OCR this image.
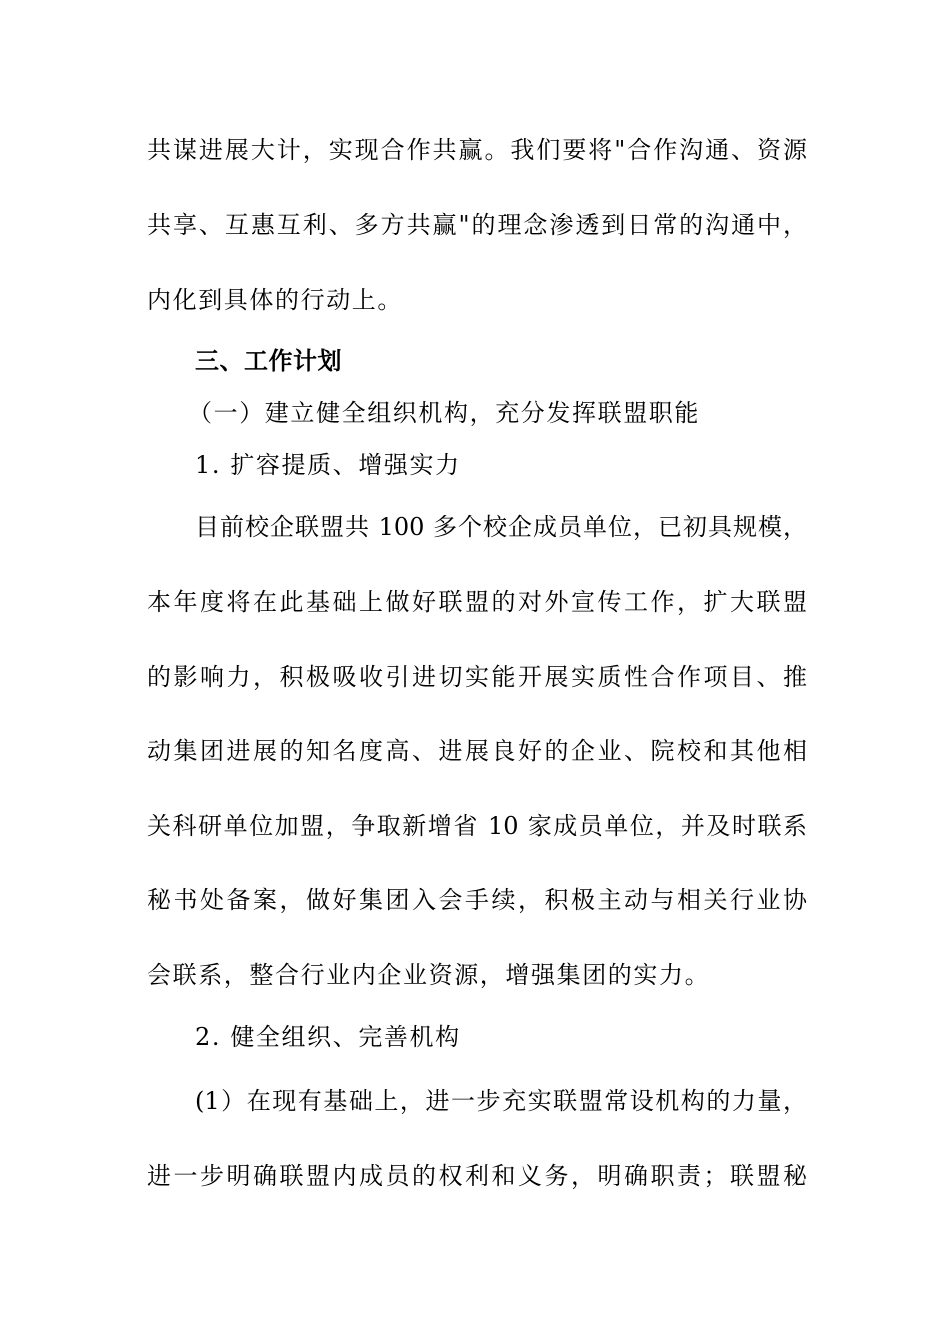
共谋进展大计，实现合作共赢。我们要将"合作沟通、资源
共享、互惠互利、多方共赢"的理念渗透到日常的沟通中，
内化到具体的行动上。
三、工作计划
（一）建立健全组织机构，充分发挥联盟职能
1. 扩容提质、增强实力
目前校企联盟共 100 多个校企成员单位，已初具规模，
本年度将在此基础上做好联盟的对外宣传工作，扩大联盟
的影响力，积极吸收引进切实能开展实质性合作项目、推
动集团进展的知名度高、进展良好的企业、院校和其他相
关科研单位加盟，争取新增省 10 家成员单位，并及时联系
秘书处备案，做好集团入会手续，积极主动与相关行业协
会联系，整合行业内企业资源，增强集团的实力。
2. 健全组织、完善机构
(1）在现有基础上，进一步充实联盟常设机构的力量，
进一步明确联盟内成员的权利和义务，明确职责；联盟秘
